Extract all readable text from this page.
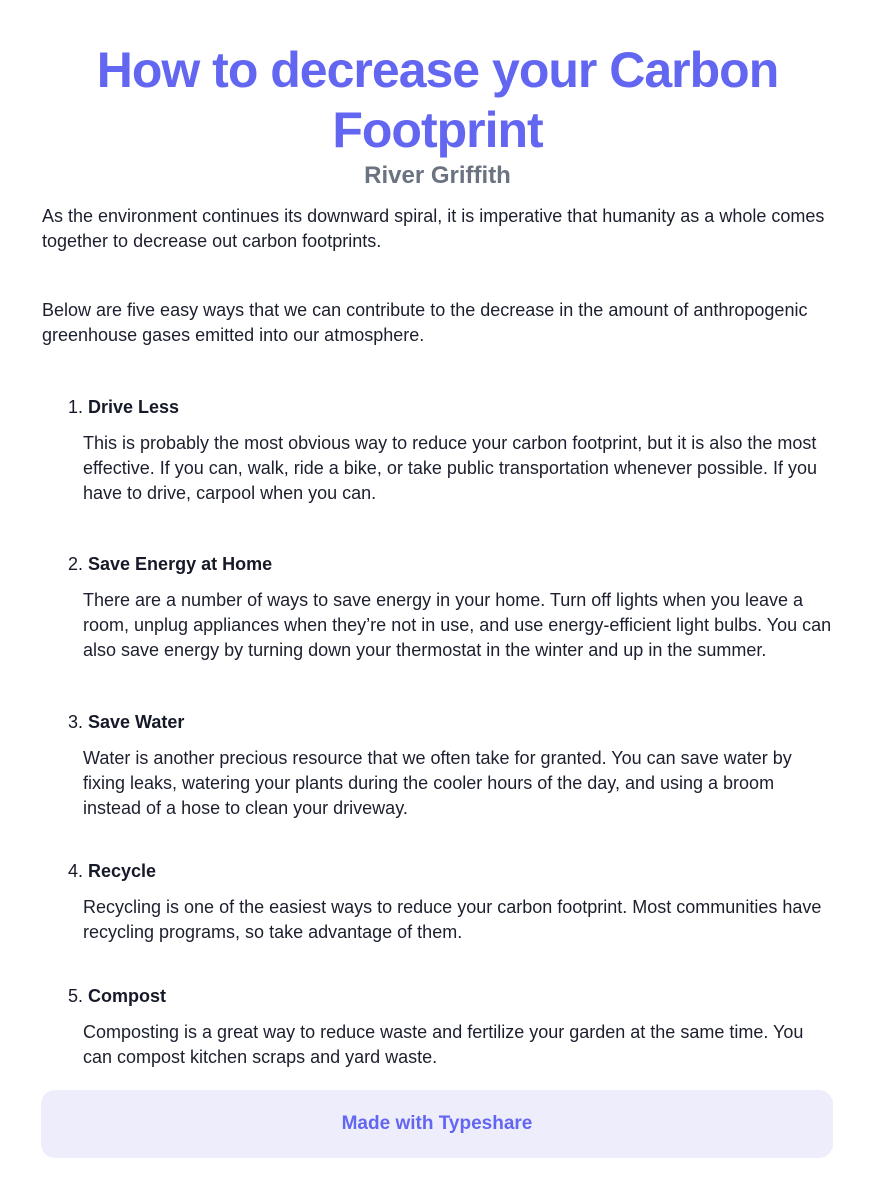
How to decrease your Carbon Footprint
River Griffith

As the environment continues its downward spiral, it is imperative that humanity as a whole comes together to decrease out carbon footprints.

Below are five easy ways that we can contribute to the decrease in the amount of anthropogenic greenhouse gases emitted into our atmosphere.

1. Drive Less

This is probably the most obvious way to reduce your carbon footprint, but it is also the most effective. If you can, walk, ride a bike, or take public transportation whenever possible. If you have to drive, carpool when you can.

2. Save Energy at Home

There are a number of ways to save energy in your home. Turn off lights when you leave a room, unplug appliances when they’re not in use, and use energy-efficient light bulbs. You can also save energy by turning down your thermostat in the winter and up in the summer.

3. Save Water

Water is another precious resource that we often take for granted. You can save water by fixing leaks, watering your plants during the cooler hours of the day, and using a broom instead of a hose to clean your driveway.

4. Recycle

Recycling is one of the easiest ways to reduce your carbon footprint. Most communities have recycling programs, so take advantage of them.

5. Compost

Composting is a great way to reduce waste and fertilize your garden at the same time. You can compost kitchen scraps and yard waste.

Made with Typeshare
